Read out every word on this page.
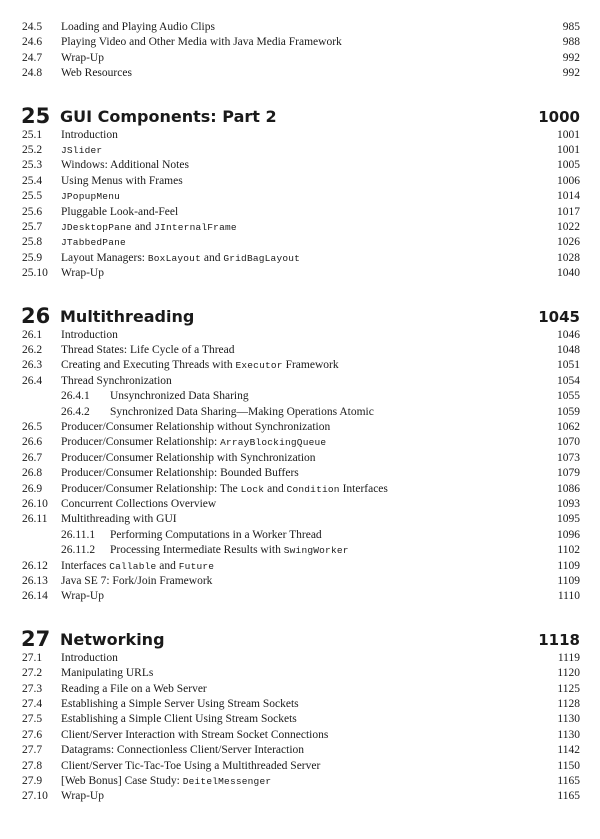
24.5 Loading and Playing Audio Clips	985
24.6 Playing Video and Other Media with Java Media Framework	988
24.7 Wrap-Up	992
24.8 Web Resources	992
25 GUI Components: Part 2	1000
25.1 Introduction	1001
25.2 JSlider	1001
25.3 Windows: Additional Notes	1005
25.4 Using Menus with Frames	1006
25.5 JPopupMenu	1014
25.6 Pluggable Look-and-Feel	1017
25.7 JDesktopPane and JInternalFrame	1022
25.8 JTabbedPane	1026
25.9 Layout Managers: BoxLayout and GridBagLayout	1028
25.10 Wrap-Up	1040
26 Multithreading	1045
26.1 Introduction	1046
26.2 Thread States: Life Cycle of a Thread	1048
26.3 Creating and Executing Threads with Executor Framework	1051
26.4 Thread Synchronization	1054
26.4.1 Unsynchronized Data Sharing	1055
26.4.2 Synchronized Data Sharing—Making Operations Atomic	1059
26.5 Producer/Consumer Relationship without Synchronization	1062
26.6 Producer/Consumer Relationship: ArrayBlockingQueue	1070
26.7 Producer/Consumer Relationship with Synchronization	1073
26.8 Producer/Consumer Relationship: Bounded Buffers	1079
26.9 Producer/Consumer Relationship: The Lock and Condition Interfaces	1086
26.10 Concurrent Collections Overview	1093
26.11 Multithreading with GUI	1095
26.11.1 Performing Computations in a Worker Thread	1096
26.11.2 Processing Intermediate Results with SwingWorker	1102
26.12 Interfaces Callable and Future	1109
26.13 Java SE 7: Fork/Join Framework	1109
26.14 Wrap-Up	1110
27 Networking	1118
27.1 Introduction	1119
27.2 Manipulating URLs	1120
27.3 Reading a File on a Web Server	1125
27.4 Establishing a Simple Server Using Stream Sockets	1128
27.5 Establishing a Simple Client Using Stream Sockets	1130
27.6 Client/Server Interaction with Stream Socket Connections	1130
27.7 Datagrams: Connectionless Client/Server Interaction	1142
27.8 Client/Server Tic-Tac-Toe Using a Multithreaded Server	1150
27.9 [Web Bonus] Case Study: DeitelMessenger	1165
27.10 Wrap-Up	1165
